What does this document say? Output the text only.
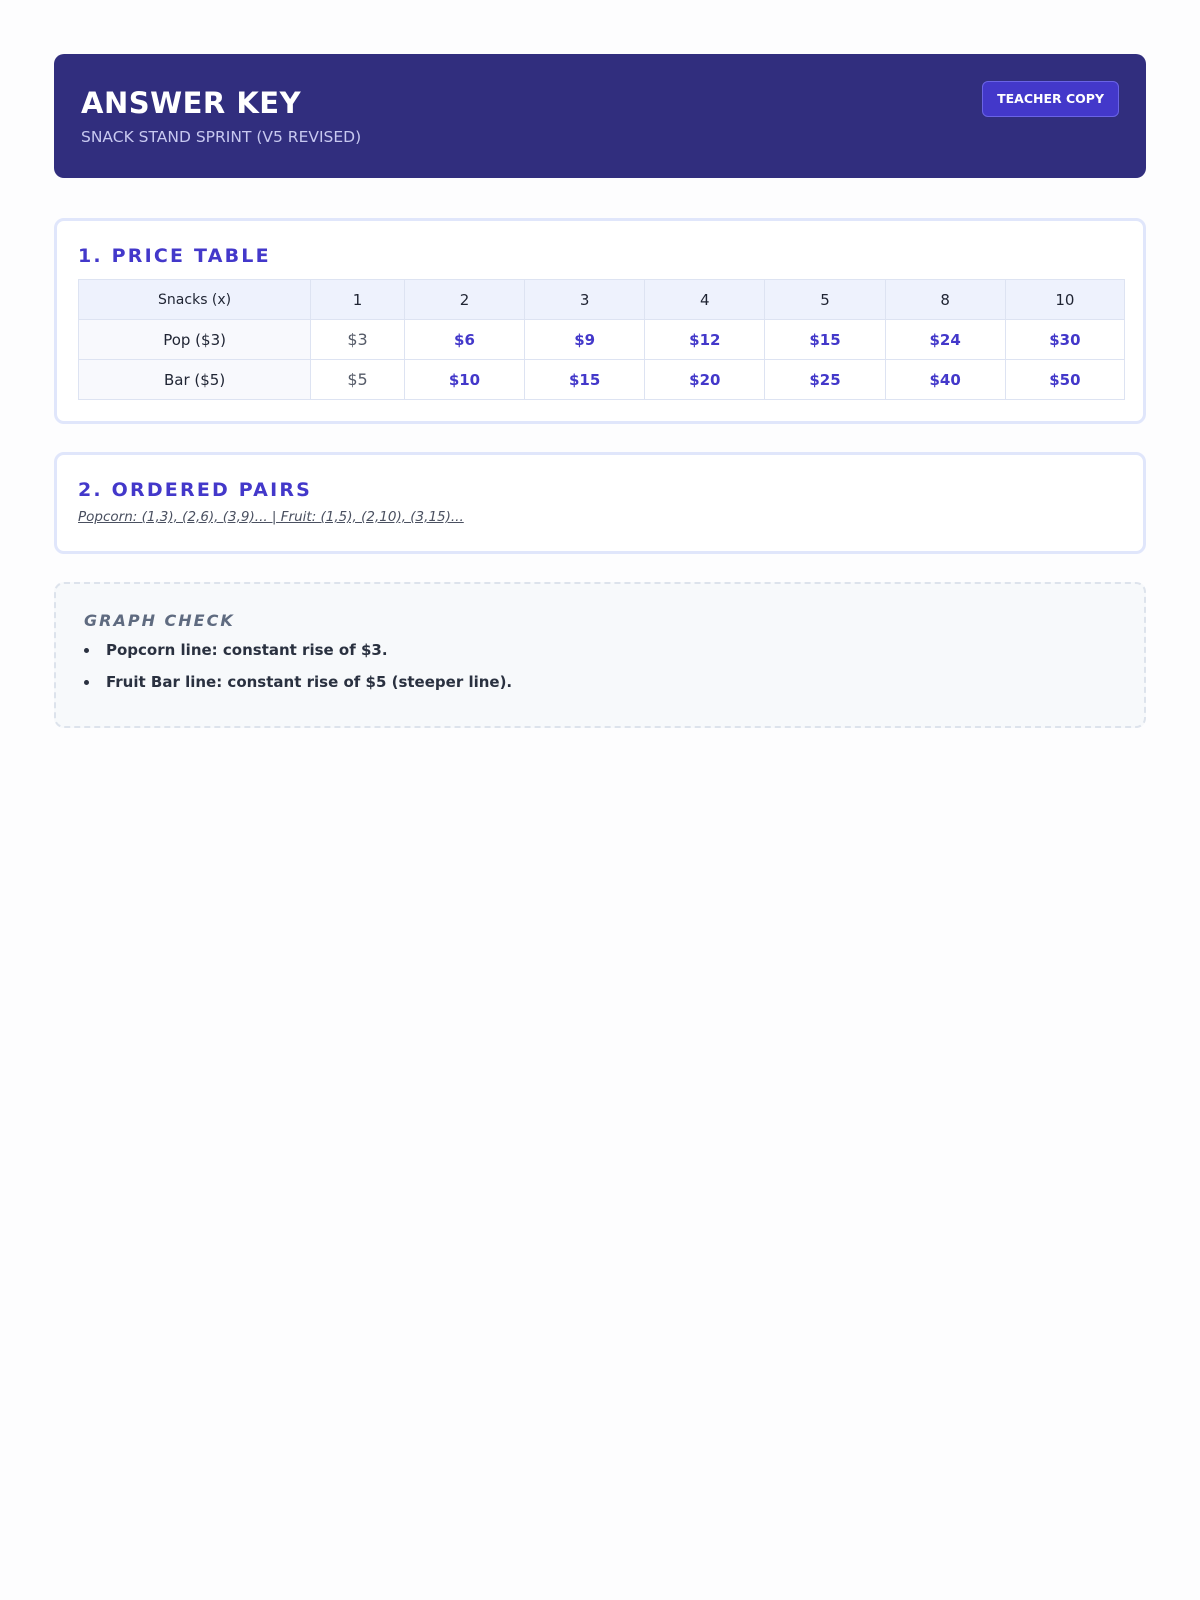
ANSWER KEY
SNACK STAND SPRINT (V5 REVISED)
TEACHER COPY
1. PRICE TABLE
Snacks (x)	1	2	3	4	5	8	10
Pop ($3)	$3	$6	$9	$12	$15	$24	$30
Bar ($5)	$5	$10	$15	$20	$25	$40	$50
2. ORDERED PAIRS
Popcorn: (1,3), (2,6), (3,9)... | Fruit: (1,5), (2,10), (3,15)...
GRAPH CHECK
Popcorn line: constant rise of $3.
Fruit Bar line: constant rise of $5 (steeper line).
